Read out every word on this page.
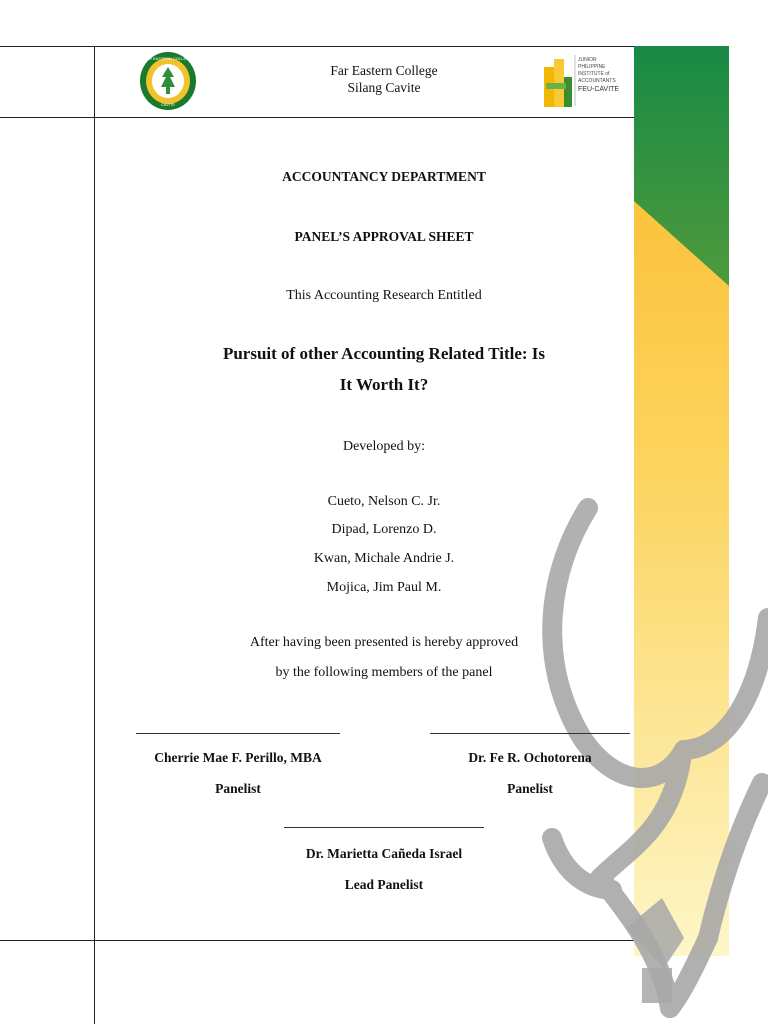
FAR EASTERN COLLEGE
CAVITE
Far Eastern College
Silang Cavite
JUNIOR
PHILIPPINE
INSTITUTE of
ACCOUNTANTS
FEU-CAVITE
ACCOUNTANCY DEPARTMENT
PANEL’S APPROVAL SHEET
This Accounting Research Entitled
Pursuit of other Accounting Related Title: Is
It Worth It?
Developed by:
Cueto, Nelson C. Jr.
Dipad, Lorenzo D.
Kwan, Michale Andrie J.
Mojica, Jim Paul M.
After having been presented is hereby approved
by the following members of the panel
Cherrie Mae F. Perillo, MBA
Panelist
Dr. Fe R. Ochotorena
Panelist
Dr. Marietta Cañeda Israel
Lead Panelist
